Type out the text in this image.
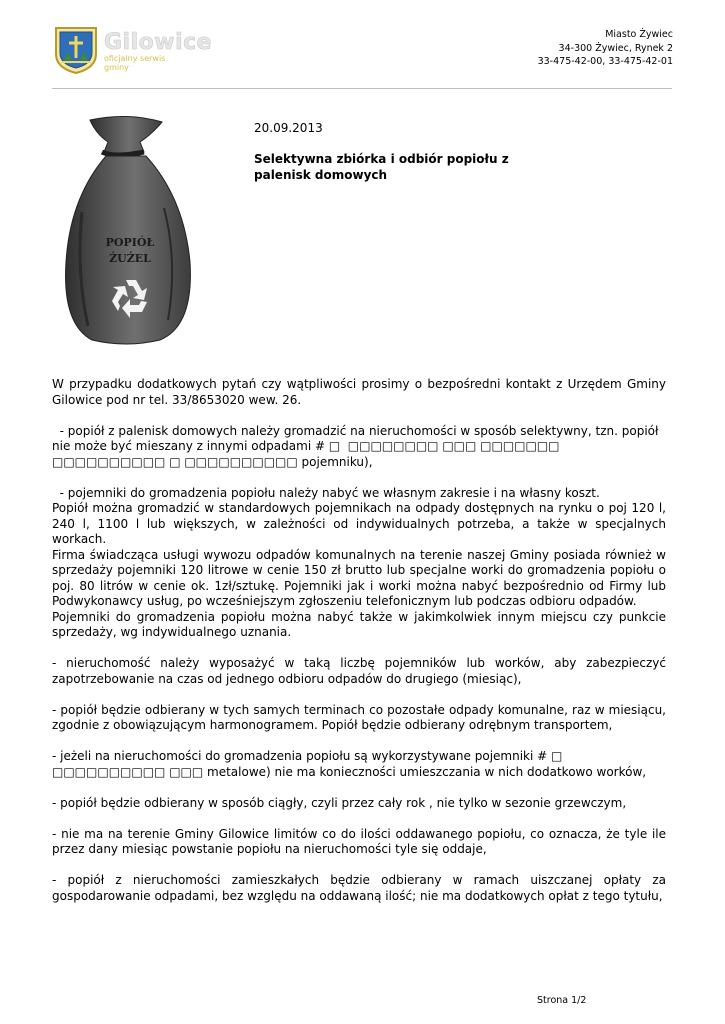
Gilowice
oficjalny serwis gminy
Miasto Żywiec
34-300 Żywiec, Rynek 2
33-475-42-00, 33-475-42-01
POPIÓŁ
ŻUŻEL
20.09.2013
Selektywna zbiórka i odbiór popiołu z palenisk domowych

W przypadku dodatkowych pytań czy wątpliwości prosimy o bezpośredni kontakt z Urzędem Gminy Gilowice pod nr tel. 33/8653020 wew. 26.

- popiół z palenisk domowych należy gromadzić na nieruchomości w sposób selektywny, tzn. popiół nie może być mieszany z innymi odpadami # □  □□□□□□□□ □□□ □□□□□□□ □□□□□□□□□□ □ □□□□□□□□□□ pojemniku),

- pojemniki do gromadzenia popiołu należy nabyć we własnym zakresie i na własny koszt.

Popiół można gromadzić w standardowych pojemnikach na odpady dostępnych na rynku o poj 120 l, 240 l, 1100 l lub większych, w zależności od indywidualnych potrzeba, a także w specjalnych workach.

Firma świadcząca usługi wywozu odpadów komunalnych na terenie naszej Gminy posiada również w sprzedaży pojemniki 120 litrowe w cenie 150 zł brutto lub specjalne worki do gromadzenia popiołu o poj. 80 litrów w cenie ok. 1zł/sztukę. Pojemniki jak i worki można nabyć bezpośrednio od Firmy lub Podwykonawcy usług, po wcześniejszym zgłoszeniu telefonicznym lub podczas odbioru odpadów.

Pojemniki do gromadzenia popiołu można nabyć także w jakimkolwiek innym miejscu czy punkcie sprzedaży, wg indywidualnego uznania.

- nieruchomość należy wyposażyć w taką liczbę pojemników lub worków, aby zabezpieczyć zapotrzebowanie na czas od jednego odbioru odpadów do drugiego (miesiąc),

- popiół będzie odbierany w tych samych terminach co pozostałe odpady komunalne, raz w miesiącu, zgodnie z obowiązującym harmonogramem. Popiół będzie odbierany odrębnym transportem,

- jeżeli na nieruchomości do gromadzenia popiołu są wykorzystywane pojemniki # □ □□□□□□□□□□ □□□ metalowe) nie ma konieczności umieszczania w nich dodatkowo worków,

- popiół będzie odbierany w sposób ciągły, czyli przez cały rok , nie tylko w sezonie grzewczym,

- nie ma na terenie Gminy Gilowice limitów co do ilości oddawanego popiołu, co oznacza, że tyle ile przez dany miesiąc powstanie popiołu na nieruchomości tyle się oddaje,

- popiół z nieruchomości zamieszkałych będzie odbierany w ramach uiszczanej opłaty za gospodarowanie odpadami, bez względu na oddawaną ilość; nie ma dodatkowych opłat z tego tytułu,

Strona 1/2
